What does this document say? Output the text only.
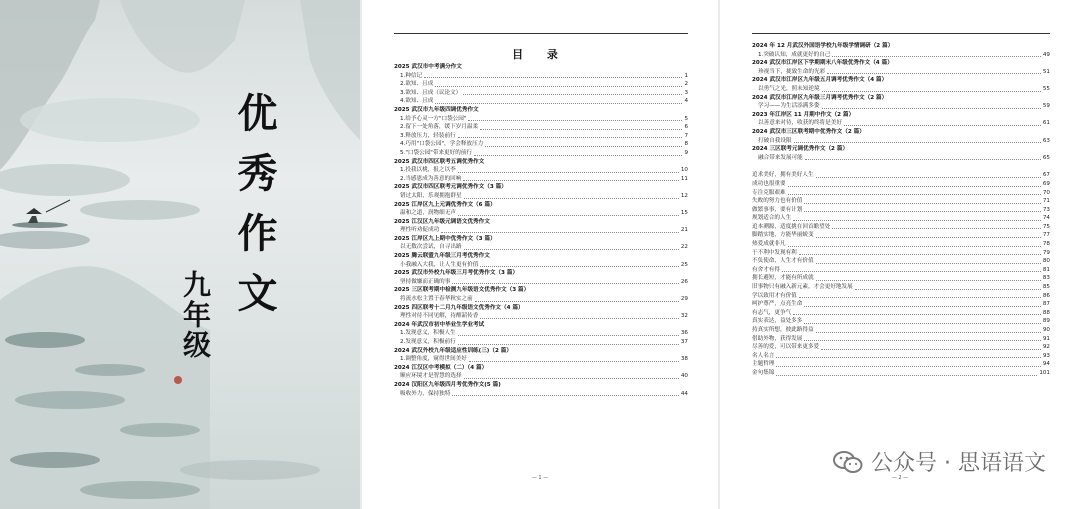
优秀作文
九年级
目 录
2025 武汉市中考满分作文
1.种信记	1
2.欲知、且成	2
3.欲知、且成（议论文）	3
4.欲知、且成	4
2025 武汉市九年级四调优秀作文
1.给予心灵一方"口袋公园"	5
2.留下一处角落，缓下岁月温柔	6
3.释放压力，轻装前行	7
4.巧用"口袋公园"，学会释放压力	8
5."口袋公园"带来更好的前行	9
2025 武汉市四区联考五调优秀作文
1.投我以桃，报之以李	10
2.当感恩成为善意的回响	11
2025 武汉市四区联考元调优秀作文（3 篇）
错过太阳，乐观拥抱群星	12
2025 江岸区九上元调优秀作文（6 篇）
温和之道，润物细无声	15
2025 江汉区九年级元调语文优秀作文
理性听劝促成功	21
2025 江岸区九上期中优秀作文（3 篇）
以无数次尝试，自寻出路	22
2025 腾云联盟九年级三月考优秀作文
小我融入大我，让人生更有价值	25
2025 武汉市外校九年级三月考优秀作文（3 篇）
坚持做嫌而正确的事	26
2025 三区联考期中检测九年级语文优秀作文（3 篇）
将流水松主置于春华秋实之前	29
2025 四区联考十二月九年级语文优秀作文（4 篇）
理性对待不同见解，待醒韶传香	32
2024 年武汉市初中毕业生学业考试
1.发现意义，积极人生	36
2.发现意义，积极前行	37
2024 武汉外校九年级适应性训练(三)（2 篇）
1.调整角度，窥得世间美好	38
2024 江汉区中考模拟（二）（4 篇）
顺应环境才是智慧的选择	40
2024 汉阳区九年级四月考优秀作文(5 篇)
吸收外力，保持独特	44
— 1 —
2024 年 12 月武汉外国语学校九年级学情调研（2 篇）
1.突破认知，成就更好的自己	49
2024 武汉市江岸区下学期期末八年级优秀作文（4 篇）
珍视当下，拢致生命的光彩	51
2024 武汉市江岸区九年级五月调考优秀作文（4 篇）
以勇气之光，照未知逆境	55
2024 武汉市江岸区九年级三月调考优秀作文（2 篇）
学习——为生活添满多姿	59
2023 年江岸区 11 月期中作文（2 篇）
以善意来对待，收获的终将是美好	61
2024 武汉市三区联考期中优秀作文（2 篇）
打破自我设限	63
2024 三区联考元调优秀作文（2 篇）
融合带来发展可能	65
追求美好，拥有美好人生	67
成功也很重要	69
专注克服艰难	70
失败的努力也有价值	71
做繁事事，要有计划	73
规划适合的人生	74
追本溯源，适度挑在回首瞻望处	75
脚踏实地，方能华丽蜕变	77
热爱成就非凡	78
于不利中发现有利	79
不负使命，人生才有价值	80
有舍才有得	81
拥长避短，才能有所成就	83
旧事物只有融入新元素，才会更好地发展	85
学以致用才有价值	86
呵护尊严，点亮生命	87
有志气，更争气	88
真实表达，益处多多	89
持真实所想，彼此路得益	90
借助外物，获得发展	91
尽善的爱，可以带来更多爱	92
名人名言	93
主题哲理	94
金句集锦	101
— 2 —
公众号 · 思语语文
